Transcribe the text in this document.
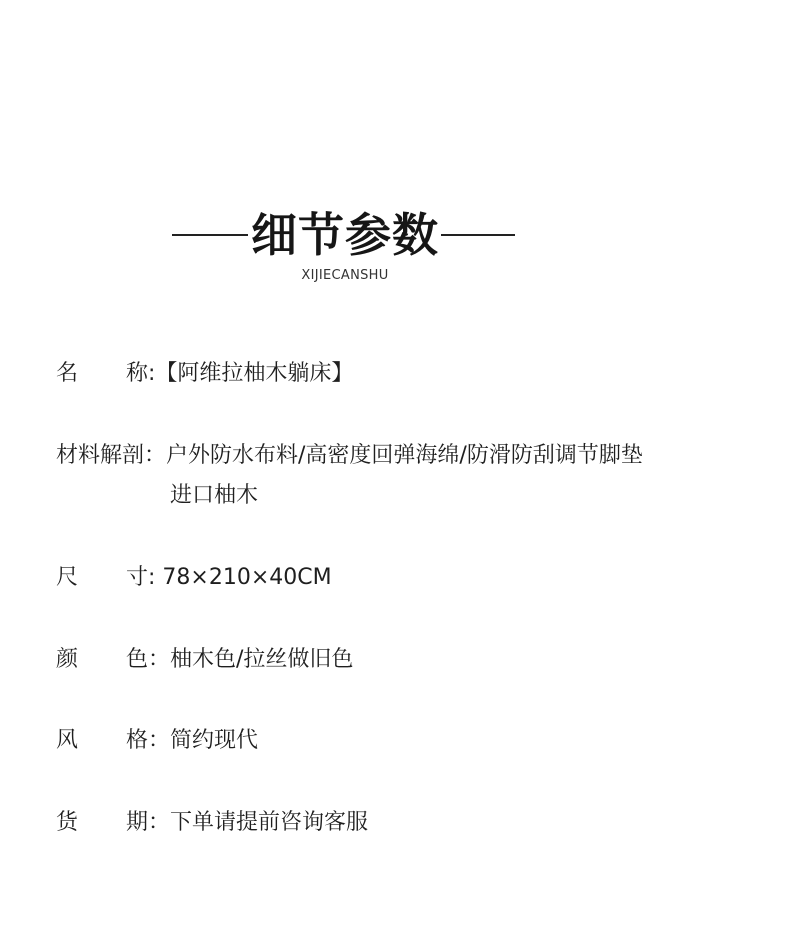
细节参数
XIJIECANSHU
名 称:【阿维拉柚木躺床】
材料解剖：户外防水布料/高密度回弹海绵/防滑防刮调节脚垫
进口柚木
尺 寸: 78×210×40CM
颜 色：柚木色/拉丝做旧色
风 格：简约现代
货 期：下单请提前咨询客服
